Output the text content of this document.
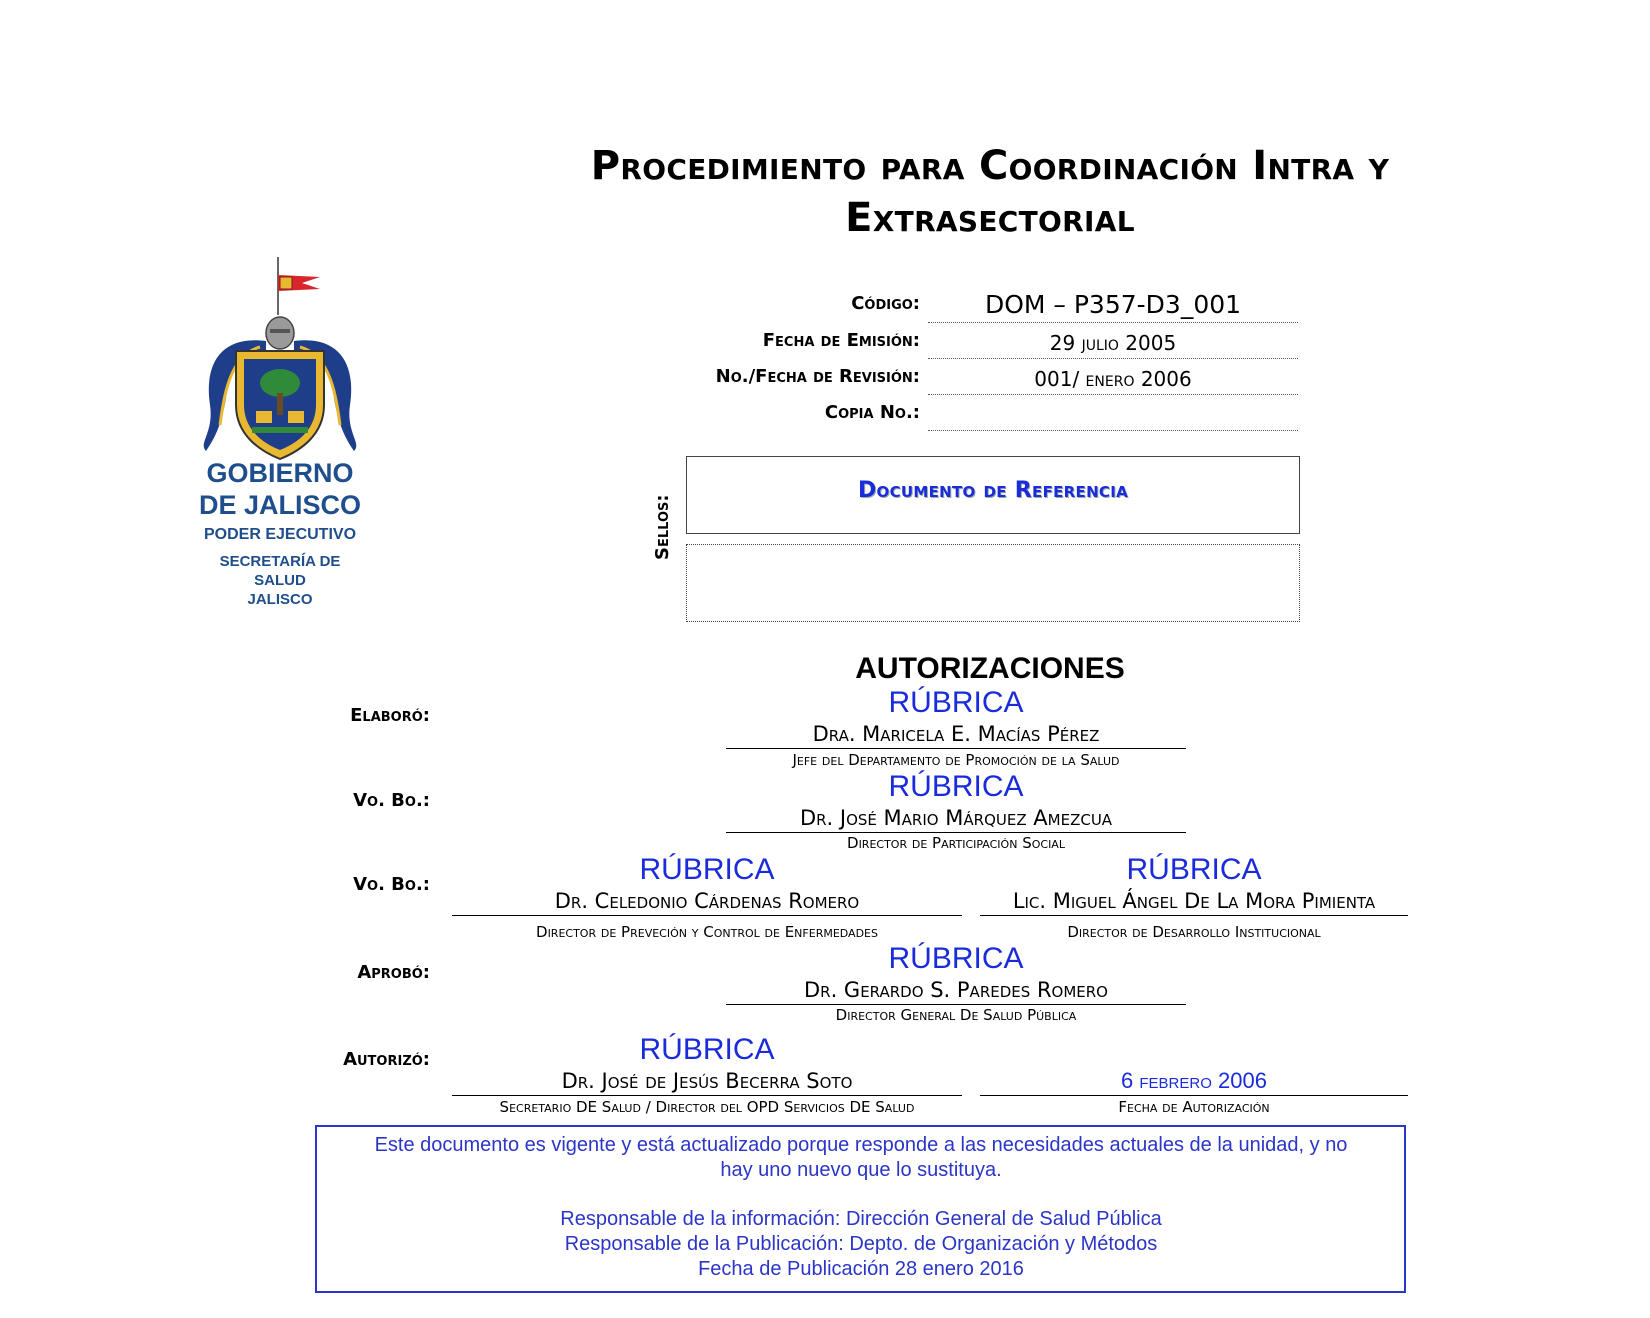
Procedimiento para Coordinación Intra y
Extrasectorial
GOBIERNO
DE JALISCO
PODER EJECUTIVO
SECRETARÍA DE
SALUD
JALISCO
Código:	DOM – P357-D3_001
Fecha de Emisión:	29 julio 2005
No./Fecha de Revisión:	001/ enero 2006
Copia No.:
Sellos:
Documento de Referencia
AUTORIZACIONES
Elaboró:	RÚBRICA
Dra. Maricela E. Macías Pérez
Jefe del Departamento de Promoción de la Salud
Vo. Bo.:	RÚBRICA
Dr. José Mario Márquez Amezcua
Director de Participación Social
Vo. Bo.:	RÚBRICA
Dr. Celedonio Cárdenas Romero
Director de Preveción y Control de Enfermedades
RÚBRICA
Lic. Miguel Ángel De La Mora Pimienta
Director de Desarrollo Institucional
Aprobó:	RÚBRICA
Dr. Gerardo S. Paredes Romero
Director General De Salud Pública
Autorizó:	RÚBRICA
Dr. José de Jesús Becerra Soto
Secretario DE Salud / Director del OPD Servicios DE Salud
6 febrero 2006
Fecha de Autorización
Este documento es vigente y está actualizado porque responde a las necesidades actuales de la unidad, y no
hay uno nuevo que lo sustituya.
Responsable de la información: Dirección General de Salud Pública
Responsable de la Publicación: Depto. de Organización y Métodos
Fecha de Publicación 28 enero 2016
